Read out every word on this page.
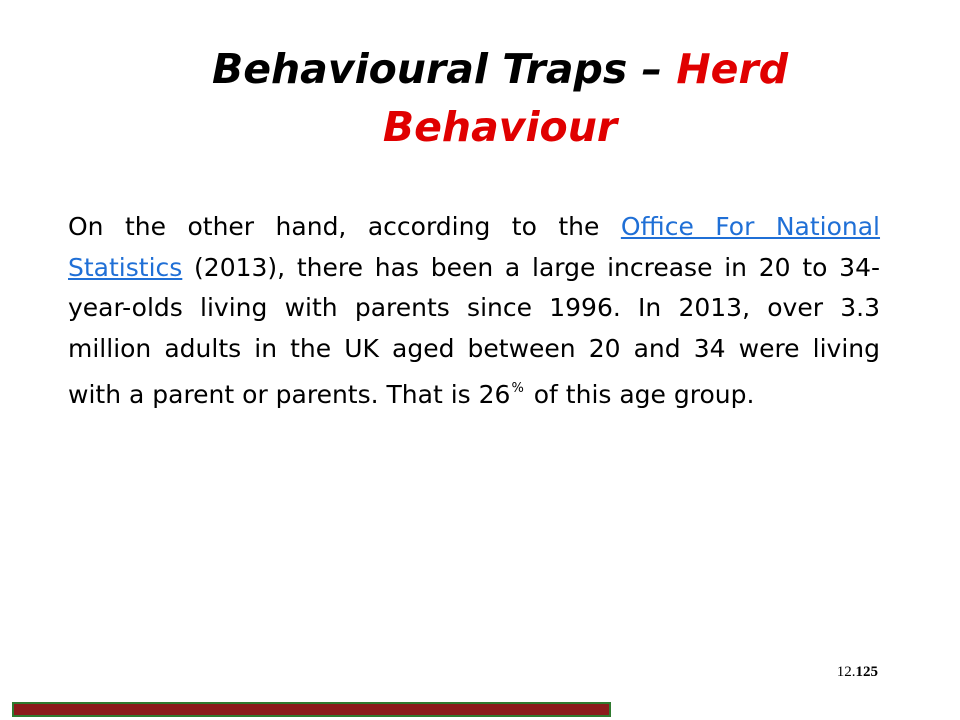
Behavioural Traps – Herd Behaviour

On the other hand, according to the Office For National Statistics (2013), there has been a large increase in 20 to 34-year-olds living with parents since 1996. In 2013, over 3.3 million adults in the UK aged between 20 and 34 were living with a parent or parents. That is 26% of this age group.

12.125
